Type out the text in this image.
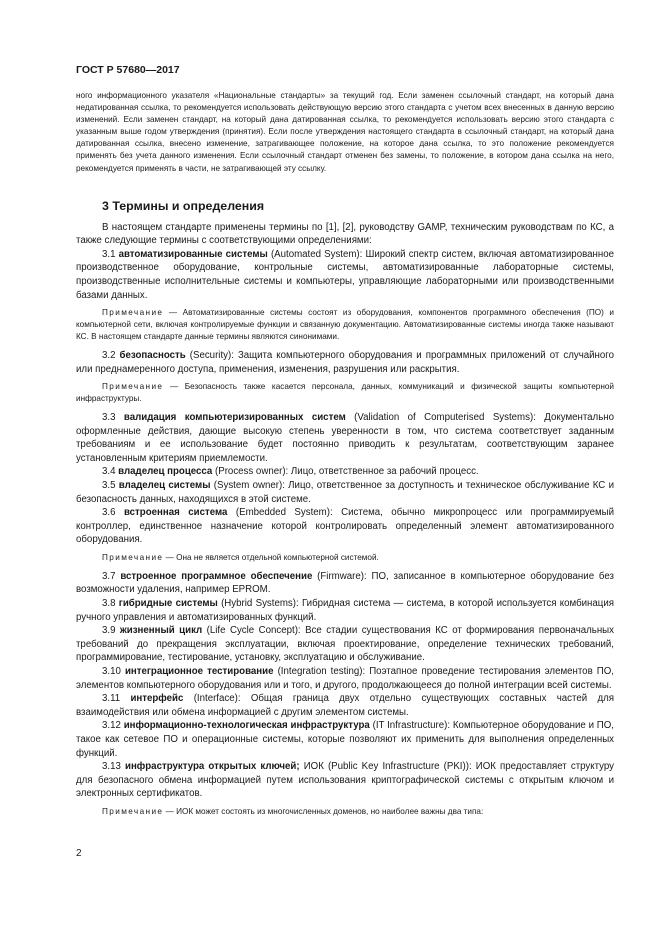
ГОСТ Р 57680—2017

ного информационного указателя «Национальные стандарты» за текущий год. Если заменен ссылочный стандарт, на который дана недатированная ссылка, то рекомендуется использовать действующую версию этого стандарта с учетом всех внесенных в данную версию изменений. Если заменен стандарт, на который дана датированная ссылка, то рекомендуется использовать версию этого стандарта с указанным выше годом утверждения (принятия). Если после утверждения настоящего стандарта в ссылочный стандарт, на который дана датированная ссылка, внесено изменение, затрагивающее положение, на которое дана ссылка, то это положение рекомендуется применять без учета данного изменения. Если ссылочный стандарт отменен без замены, то положение, в котором дана ссылка на него, рекомендуется применять в части, не затрагивающей эту ссылку.

3 Термины и определения

В настоящем стандарте применены термины по [1], [2], руководству GAMP, техническим руководствам по КС, а также следующие термины с соответствующими определениями:

3.1 автоматизированные системы (Automated System): Широкий спектр систем, включая автоматизированное производственное оборудование, контрольные системы, автоматизированные лабораторные системы, производственные исполнительные системы и компьютеры, управляющие лабораторными или производственными базами данных.

Примечание — Автоматизированные системы состоят из оборудования, компонентов программного обеспечения (ПО) и компьютерной сети, включая контролируемые функции и связанную документацию. Автоматизированные системы иногда также называют КС. В настоящем стандарте данные термины являются синонимами.

3.2 безопасность (Security): Защита компьютерного оборудования и программных приложений от случайного или преднамеренного доступа, применения, изменения, разрушения или раскрытия.

Примечание — Безопасность также касается персонала, данных, коммуникаций и физической защиты компьютерной инфраструктуры.

3.3 валидация компьютеризированных систем (Validation of Computerised Systems): Документально оформленные действия, дающие высокую степень уверенности в том, что система соответствует заданным требованиям и ее использование будет постоянно приводить к результатам, соответствующим заранее установленным критериям приемлемости.

3.4 владелец процесса (Process owner): Лицо, ответственное за рабочий процесс.

3.5 владелец системы (System owner): Лицо, ответственное за доступность и техническое обслуживание КС и безопасность данных, находящихся в этой системе.

3.6 встроенная система (Embedded System): Система, обычно микропроцесс или программируемый контроллер, единственное назначение которой контролировать определенный элемент автоматизированного оборудования.

Примечание — Она не является отдельной компьютерной системой.

3.7 встроенное программное обеспечение (Firmware): ПО, записанное в компьютерное оборудование без возможности удаления, например EPROM.

3.8 гибридные системы (Hybrid Systems): Гибридная система — система, в которой используется комбинация ручного управления и автоматизированных функций.

3.9 жизненный цикл (Life Cycle Concept): Все стадии существования КС от формирования первоначальных требований до прекращения эксплуатации, включая проектирование, определение технических требований, программирование, тестирование, установку, эксплуатацию и обслуживание.

3.10 интеграционное тестирование (Integration testing): Поэтапное проведение тестирования элементов ПО, элементов компьютерного оборудования или и того, и другого, продолжающееся до полной интеграции всей системы.

3.11 интерфейс (Interface): Общая граница двух отдельно существующих составных частей для взаимодействия или обмена информацией с другим элементом системы.

3.12 информационно-технологическая инфраструктура (IT Infrastructure): Компьютерное оборудование и ПО, такое как сетевое ПО и операционные системы, которые позволяют их применить для выполнения определенных функций.

3.13 инфраструктура открытых ключей; ИОК (Public Key Infrastructure (PKI)): ИОК предоставляет структуру для безопасного обмена информацией путем использования криптографической системы с открытым ключом и электронных сертификатов.

Примечание — ИОК может состоять из многочисленных доменов, но наиболее важны два типа:

2
